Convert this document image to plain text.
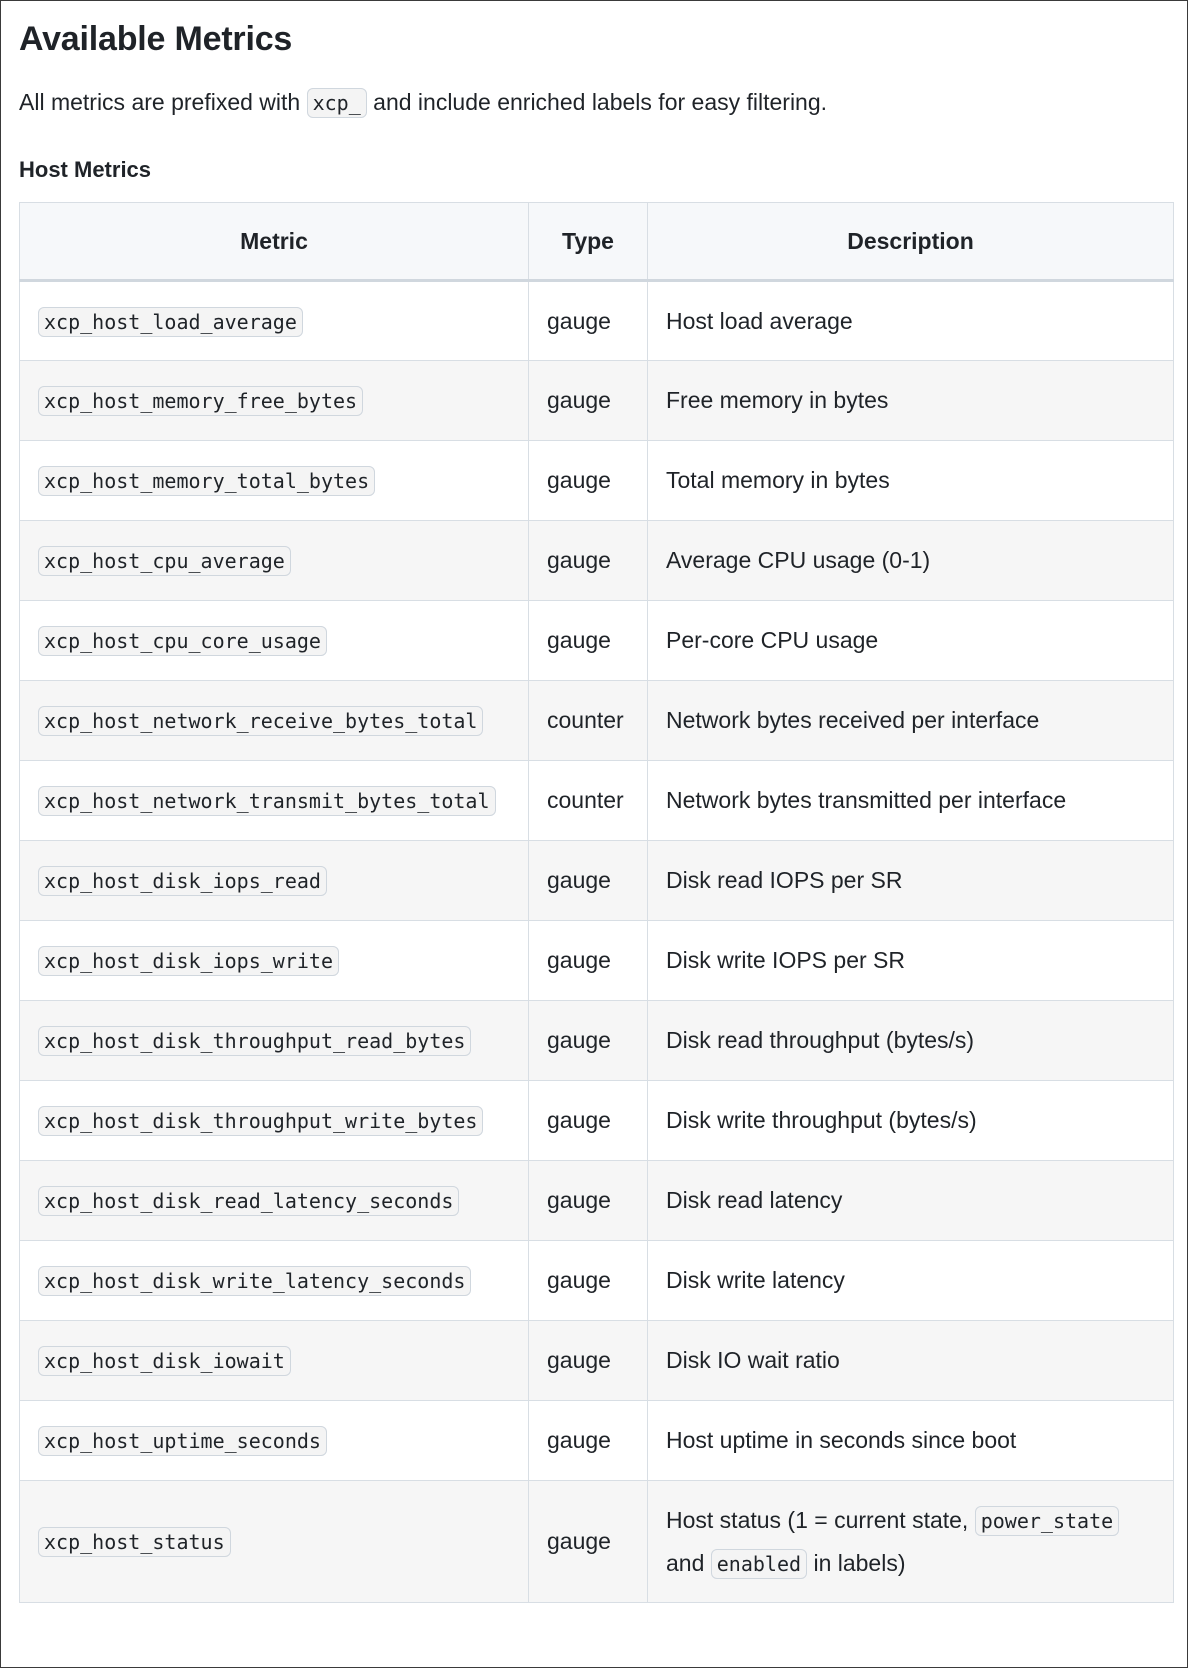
Available Metrics

All metrics are prefixed with xcp_ and include enriched labels for easy filtering.

Host Metrics
Metric	Type	Description
xcp_host_load_average	gauge	Host load average
xcp_host_memory_free_bytes	gauge	Free memory in bytes
xcp_host_memory_total_bytes	gauge	Total memory in bytes
xcp_host_cpu_average	gauge	Average CPU usage (0-1)
xcp_host_cpu_core_usage	gauge	Per-core CPU usage
xcp_host_network_receive_bytes_total	counter	Network bytes received per interface
xcp_host_network_transmit_bytes_total	counter	Network bytes transmitted per interface
xcp_host_disk_iops_read	gauge	Disk read IOPS per SR
xcp_host_disk_iops_write	gauge	Disk write IOPS per SR
xcp_host_disk_throughput_read_bytes	gauge	Disk read throughput (bytes/s)
xcp_host_disk_throughput_write_bytes	gauge	Disk write throughput (bytes/s)
xcp_host_disk_read_latency_seconds	gauge	Disk read latency
xcp_host_disk_write_latency_seconds	gauge	Disk write latency
xcp_host_disk_iowait	gauge	Disk IO wait ratio
xcp_host_uptime_seconds	gauge	Host uptime in seconds since boot
xcp_host_status	gauge	Host status (1 = current state, power_state
and enabled in labels)
